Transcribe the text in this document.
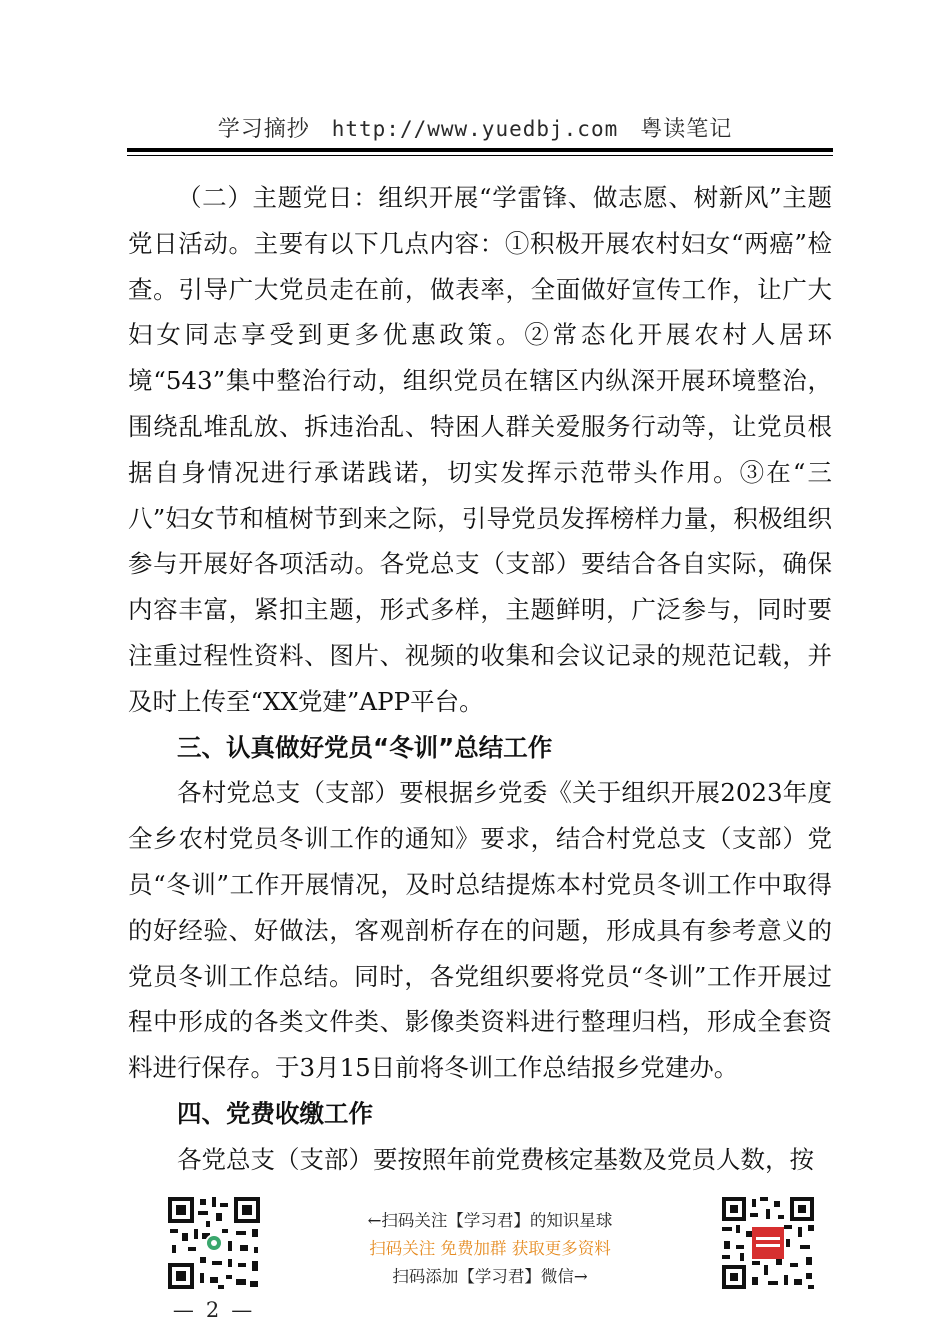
学习摘抄 http://www.yuedbj.com 粤读笔记

（二）主题党日：组织开展“学雷锋、做志愿、树新风”主题党日活动。主要有以下几点内容：①积极开展农村妇女“两癌”检查。引导广大党员走在前，做表率，全面做好宣传工作，让广大妇女同志享受到更多优惠政策。②常态化开展农村人居环境“543”集中整治行动，组织党员在辖区内纵深开展环境整治，围绕乱堆乱放、拆违治乱、特困人群关爱服务行动等，让党员根据自身情况进行承诺践诺，切实发挥示范带头作用。③在“三八”妇女节和植树节到来之际，引导党员发挥榜样力量，积极组织参与开展好各项活动。各党总支（支部）要结合各自实际，确保内容丰富，紧扣主题，形式多样，主题鲜明，广泛参与，同时要注重过程性资料、图片、视频的收集和会议记录的规范记载，并及时上传至“XX党建”APP平台。

三、认真做好党员“冬训”总结工作

各村党总支（支部）要根据乡党委《关于组织开展2023年度全乡农村党员冬训工作的通知》要求，结合村党总支（支部）党员“冬训”工作开展情况，及时总结提炼本村党员冬训工作中取得的好经验、好做法，客观剖析存在的问题，形成具有参考意义的党员冬训工作总结。同时，各党组织要将党员“冬训”工作开展过程中形成的各类文件类、影像类资料进行整理归档，形成全套资料进行保存。于3月15日前将冬训工作总结报乡党建办。

四、党费收缴工作

各党总支（支部）要按照年前党费核定基数及党员人数，按

←扫码关注【学习君】的知识星球
扫码关注 免费加群 获取更多资料
扫码添加【学习君】微信→
— 2 —
